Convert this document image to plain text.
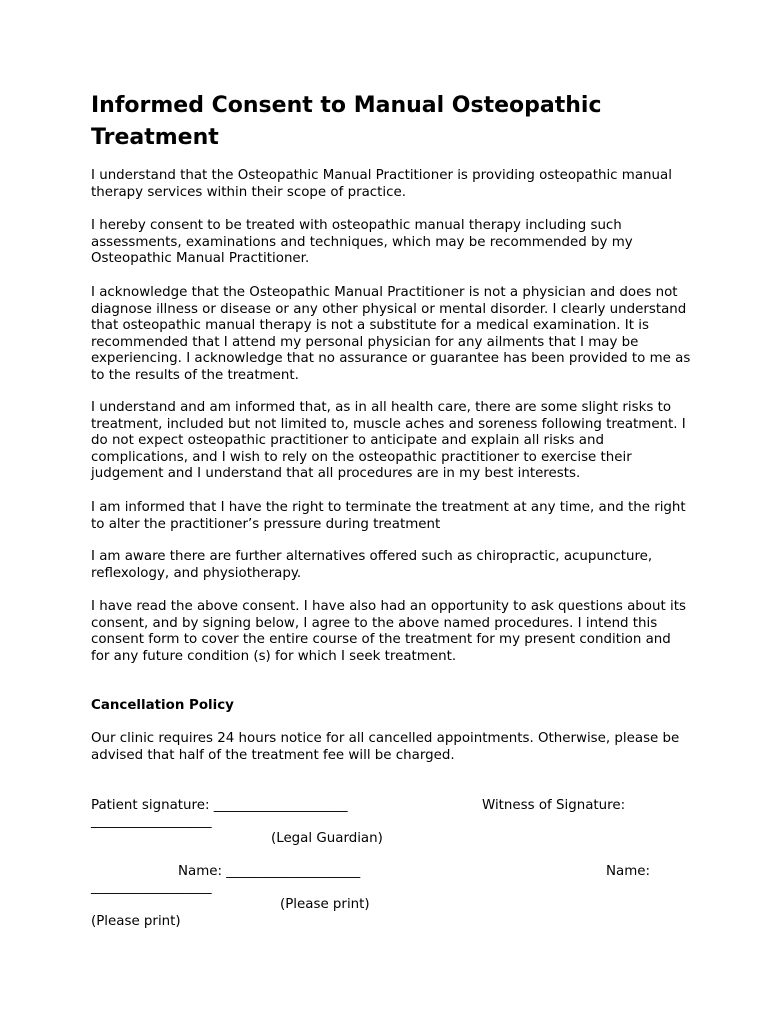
Informed Consent to Manual Osteopathic Treatment

I understand that the Osteopathic Manual Practitioner is providing osteopathic manual therapy services within their scope of practice.

I hereby consent to be treated with osteopathic manual therapy including such assessments, examinations and techniques, which may be recommended by my Osteopathic Manual Practitioner.

I acknowledge that the Osteopathic Manual Practitioner is not a physician and does not diagnose illness or disease or any other physical or mental disorder. I clearly understand that osteopathic manual therapy is not a substitute for a medical examination. It is recommended that I attend my personal physician for any ailments that I may be experiencing. I acknowledge that no assurance or guarantee has been provided to me as to the results of the treatment.

I understand and am informed that, as in all health care, there are some slight risks to treatment, included but not limited to, muscle aches and soreness following treatment. I do not expect osteopathic practitioner to anticipate and explain all risks and complications, and I wish to rely on the osteopathic practitioner to exercise their judgement and I understand that all procedures are in my best interests.

I am informed that I have the right to terminate the treatment at any time, and the right to alter the practitioner’s pressure during treatment

I am aware there are further alternatives offered such as chiropractic, acupuncture, reflexology, and physiotherapy.

I have read the above consent. I have also had an opportunity to ask questions about its consent, and by signing below, I agree to the above named procedures. I intend this consent form to cover the entire course of the treatment for my present condition and for any future condition (s) for which I seek treatment.

Cancellation Policy

Our clinic requires 24 hours notice for all cancelled appointments. Otherwise, please be advised that half of the treatment fee will be charged.

Patient signature: ____________________	Witness of Signature:
__________________
(Legal Guardian)
Name: ____________________	Name:
__________________
(Please print)
(Please print)
